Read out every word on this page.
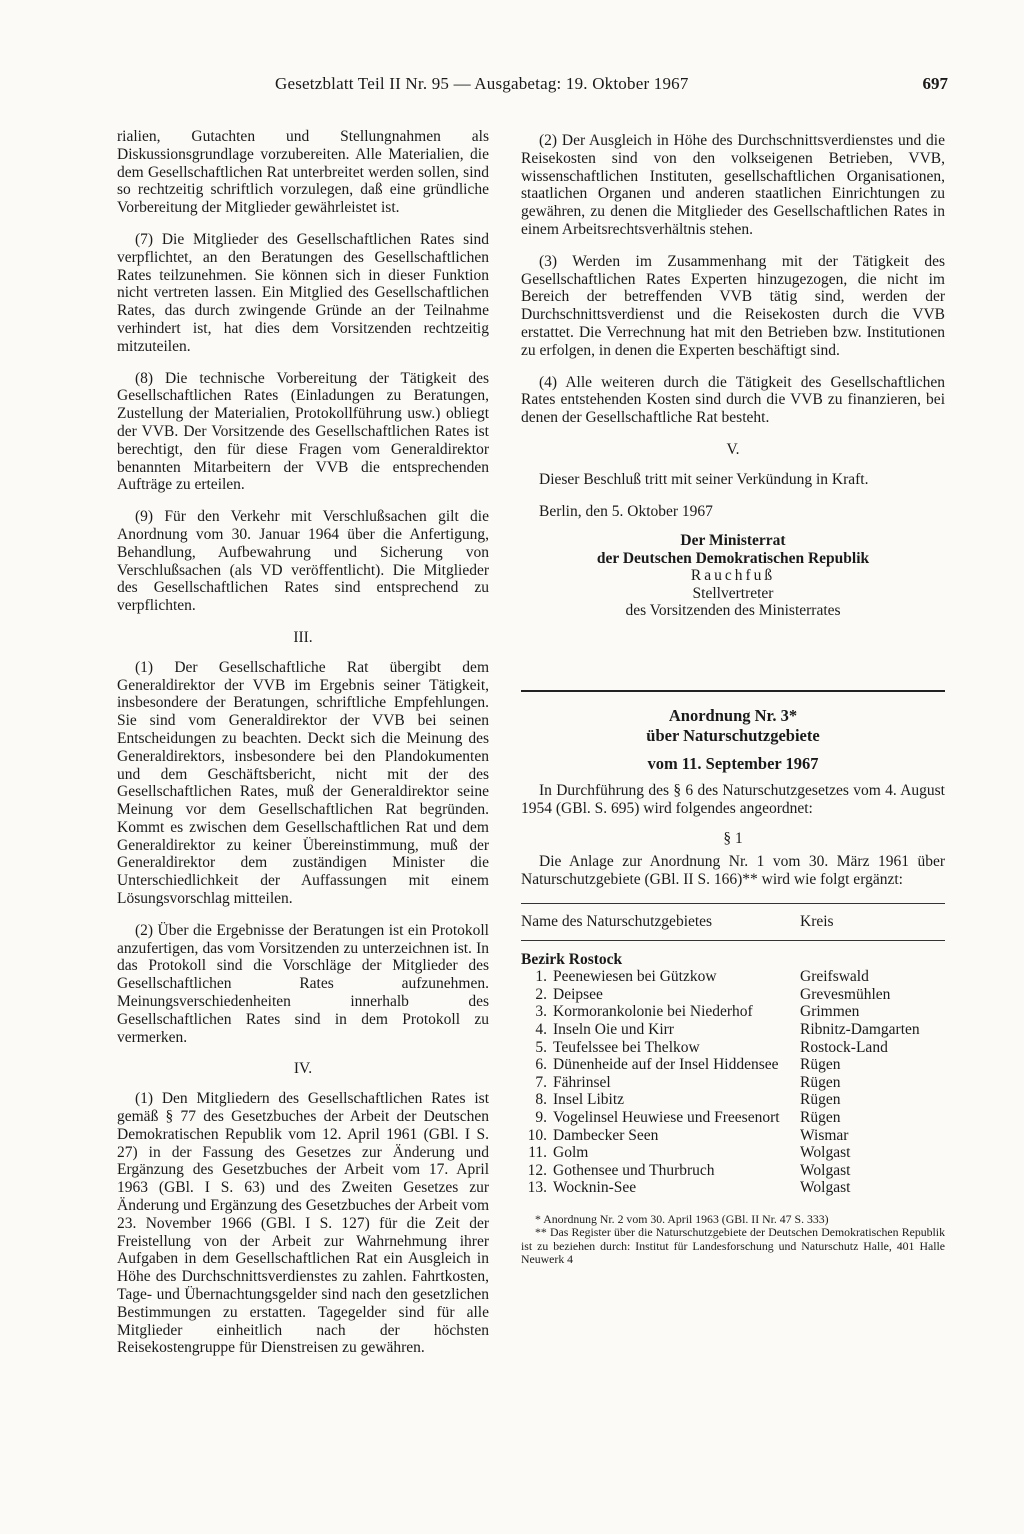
Gesetzblatt Teil II Nr. 95 — Ausgabetag: 19. Oktober 1967	697

rialien, Gutachten und Stellungnahmen als Diskussionsgrundlage vorzubereiten. Alle Materialien, die dem Gesellschaftlichen Rat unterbreitet werden sollen, sind so rechtzeitig schriftlich vorzulegen, daß eine gründliche Vorbereitung der Mitglieder gewährleistet ist.

(7) Die Mitglieder des Gesellschaftlichen Rates sind verpflichtet, an den Beratungen des Gesellschaftlichen Rates teilzunehmen. Sie können sich in dieser Funktion nicht vertreten lassen. Ein Mitglied des Gesellschaftlichen Rates, das durch zwingende Gründe an der Teilnahme verhindert ist, hat dies dem Vorsitzenden rechtzeitig mitzuteilen.

(8) Die technische Vorbereitung der Tätigkeit des Gesellschaftlichen Rates (Einladungen zu Beratungen, Zustellung der Materialien, Protokollführung usw.) obliegt der VVB. Der Vorsitzende des Gesellschaftlichen Rates ist berechtigt, den für diese Fragen vom Generaldirektor benannten Mitarbeitern der VVB die entsprechenden Aufträge zu erteilen.

(9) Für den Verkehr mit Verschlußsachen gilt die Anordnung vom 30. Januar 1964 über die Anfertigung, Behandlung, Aufbewahrung und Sicherung von Verschlußsachen (als VD veröffentlicht). Die Mitglieder des Gesellschaftlichen Rates sind entsprechend zu verpflichten.

III.

(1) Der Gesellschaftliche Rat übergibt dem Generaldirektor der VVB im Ergebnis seiner Tätigkeit, insbesondere der Beratungen, schriftliche Empfehlungen. Sie sind vom Generaldirektor der VVB bei seinen Entscheidungen zu beachten. Deckt sich die Meinung des Generaldirektors, insbesondere bei den Plandokumenten und dem Geschäftsbericht, nicht mit der des Gesellschaftlichen Rates, muß der Generaldirektor seine Meinung vor dem Gesellschaftlichen Rat begründen. Kommt es zwischen dem Gesellschaftlichen Rat und dem Generaldirektor zu keiner Übereinstimmung, muß der Generaldirektor dem zuständigen Minister die Unterschiedlichkeit der Auffassungen mit einem Lösungsvorschlag mitteilen.

(2) Über die Ergebnisse der Beratungen ist ein Protokoll anzufertigen, das vom Vorsitzenden zu unterzeichnen ist. In das Protokoll sind die Vorschläge der Mitglieder des Gesellschaftlichen Rates aufzunehmen. Meinungsverschiedenheiten innerhalb des Gesellschaftlichen Rates sind in dem Protokoll zu vermerken.

IV.

(1) Den Mitgliedern des Gesellschaftlichen Rates ist gemäß § 77 des Gesetzbuches der Arbeit der Deutschen Demokratischen Republik vom 12. April 1961 (GBl. I S. 27) in der Fassung des Gesetzes zur Änderung und Ergänzung des Gesetzbuches der Arbeit vom 17. April 1963 (GBl. I S. 63) und des Zweiten Gesetzes zur Änderung und Ergänzung des Gesetzbuches der Arbeit vom 23. November 1966 (GBl. I S. 127) für die Zeit der Freistellung von der Arbeit zur Wahrnehmung ihrer Aufgaben in dem Gesellschaftlichen Rat ein Ausgleich in Höhe des Durchschnittsverdienstes zu zahlen. Fahrtkosten, Tage- und Übernachtungsgelder sind nach den gesetzlichen Bestimmungen zu erstatten. Tagegelder sind für alle Mitglieder einheitlich nach der höchsten Reisekostengruppe für Dienstreisen zu gewähren.

(2) Der Ausgleich in Höhe des Durchschnittsverdienstes und die Reisekosten sind von den volkseigenen Betrieben, VVB, wissenschaftlichen Instituten, gesellschaftlichen Organisationen, staatlichen Organen und anderen staatlichen Einrichtungen zu gewähren, zu denen die Mitglieder des Gesellschaftlichen Rates in einem Arbeitsrechtsverhältnis stehen.

(3) Werden im Zusammenhang mit der Tätigkeit des Gesellschaftlichen Rates Experten hinzugezogen, die nicht im Bereich der betreffenden VVB tätig sind, werden der Durchschnittsverdienst und die Reisekosten durch die VVB erstattet. Die Verrechnung hat mit den Betrieben bzw. Institutionen zu erfolgen, in denen die Experten beschäftigt sind.

(4) Alle weiteren durch die Tätigkeit des Gesellschaftlichen Rates entstehenden Kosten sind durch die VVB zu finanzieren, bei denen der Gesellschaftliche Rat besteht.

V.

Dieser Beschluß tritt mit seiner Verkündung in Kraft.

Berlin, den 5. Oktober 1967

Der Ministerrat

der Deutschen Demokratischen Republik

Rauchfuß

Stellvertreter

des Vorsitzenden des Ministerrates

Anordnung Nr. 3*

über Naturschutzgebiete

vom 11. September 1967

In Durchführung des § 6 des Naturschutzgesetzes vom 4. August 1954 (GBl. S. 695) wird folgendes angeordnet:

§ 1

Die Anlage zur Anordnung Nr. 1 vom 30. März 1961 über Naturschutzgebiete (GBl. II S. 166)** wird wie folgt ergänzt:

Name des Naturschutzgebietes		Kreis
Bezirk Rostock		
1.	Peenewiesen bei Gützkow	Greifswald
2.	Deipsee	Grevesmühlen
3.	Kormorankolonie bei Niederhof	Grimmen
4.	Inseln Oie und Kirr	Ribnitz-Damgarten
5.	Teufelssee bei Thelkow	Rostock-Land
6.	Dünenheide auf der Insel Hiddensee	Rügen
7.	Fährinsel	Rügen
8.	Insel Libitz	Rügen
9.	Vogelinsel Heuwiese und Freesenort	Rügen
10.	Dambecker Seen	Wismar
11.	Golm	Wolgast
12.	Gothensee und Thurbruch	Wolgast
13.	Wocknin-See	Wolgast

* Anordnung Nr. 2 vom 30. April 1963 (GBl. II Nr. 47 S. 333)

** Das Register über die Naturschutzgebiete der Deutschen Demokratischen Republik ist zu beziehen durch: Institut für Landesforschung und Naturschutz Halle, 401 Halle Neuwerk 4
